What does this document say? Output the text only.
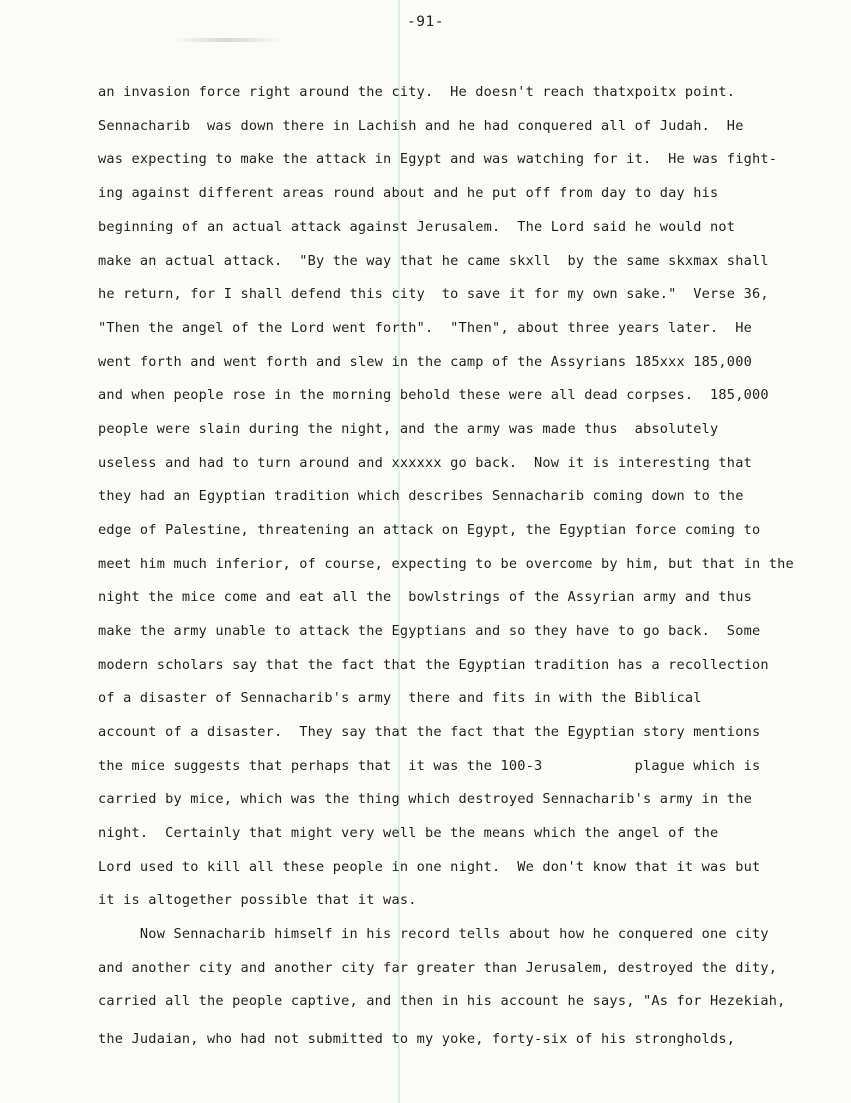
-91-
an invasion force right around the city.  He doesn't reach thatxpoitx point.
Sennacharib  was down there in Lachish and he had conquered all of Judah.  He
was expecting to make the attack in Egypt and was watching for it.  He was fight-
ing against different areas round about and he put off from day to day his
beginning of an actual attack against Jerusalem.  The Lord said he would not
make an actual attack.  "By the way that he came skxll  by the same skxmax shall
he return, for I shall defend this city  to save it for my own sake."  Verse 36,
"Then the angel of the Lord went forth".  "Then", about three years later.  He
went forth and went forth and slew in the camp of the Assyrians 185xxx 185,000
and when people rose in the morning behold these were all dead corpses.  185,000
people were slain during the night, and the army was made thus  absolutely
useless and had to turn around and xxxxxx go back.  Now it is interesting that
they had an Egyptian tradition which describes Sennacharib coming down to the
edge of Palestine, threatening an attack on Egypt, the Egyptian force coming to
meet him much inferior, of course, expecting to be overcome by him, but that in the
night the mice come and eat all the  bowlstrings of the Assyrian army and thus
make the army unable to attack the Egyptians and so they have to go back.  Some
modern scholars say that the fact that the Egyptian tradition has a recollection
of a disaster of Sennacharib's army  there and fits in with the Biblical
account of a disaster.  They say that the fact that the Egyptian story mentions
the mice suggests that perhaps that  it was the 100-3           plague which is
carried by mice, which was the thing which destroyed Sennacharib's army in the
night.  Certainly that might very well be the means which the angel of the
Lord used to kill all these people in one night.  We don't know that it was but
it is altogether possible that it was.
Now Sennacharib himself in his record tells about how he conquered one city
and another city and another city far greater than Jerusalem, destroyed the dity,
carried all the people captive, and then in his account he says, "As for Hezekiah,
the Judaian, who had not submitted to my yoke, forty-six of his strongholds,
